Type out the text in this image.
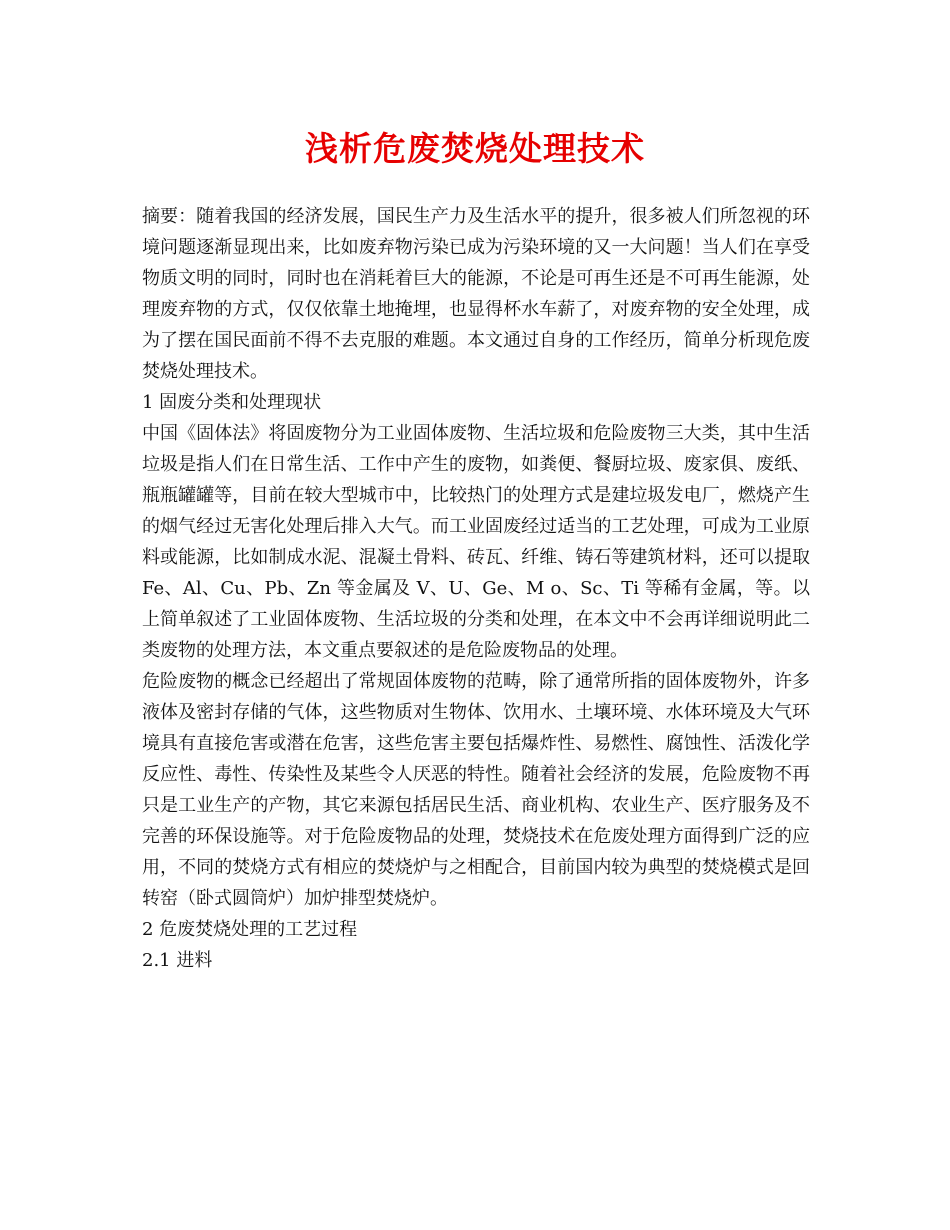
浅析危废焚烧处理技术

摘要：随着我国的经济发展，国民生产力及生活水平的提升，很多被人们所忽视的环境问题逐渐显现出来，比如废弃物污染已成为污染环境的又一大问题！当人们在享受物质文明的同时，同时也在消耗着巨大的能源，不论是可再生还是不可再生能源，处理废弃物的方式，仅仅依靠土地掩埋，也显得杯水车薪了，对废弃物的安全处理，成为了摆在国民面前不得不去克服的难题。本文通过自身的工作经历，简单分析现危废焚烧处理技术。

1 固废分类和处理现状

中国《固体法》将固废物分为工业固体废物、生活垃圾和危险废物三大类，其中生活垃圾是指人们在日常生活、工作中产生的废物，如粪便、餐厨垃圾、废家俱、废纸、瓶瓶罐罐等，目前在较大型城市中，比较热门的处理方式是建垃圾发电厂，燃烧产生的烟气经过无害化处理后排入大气。而工业固废经过适当的工艺处理，可成为工业原料或能源，比如制成水泥、混凝土骨料、砖瓦、纤维、铸石等建筑材料，还可以提取 Fe、Al、Cu、Pb、Zn 等金属及 V、U、Ge、M o、Sc、Ti 等稀有金属，等。以上简单叙述了工业固体废物、生活垃圾的分类和处理，在本文中不会再详细说明此二类废物的处理方法，本文重点要叙述的是危险废物品的处理。

危险废物的概念已经超出了常规固体废物的范畴，除了通常所指的固体废物外，许多液体及密封存储的气体，这些物质对生物体、饮用水、土壤环境、水体环境及大气环境具有直接危害或潜在危害，这些危害主要包括爆炸性、易燃性、腐蚀性、活泼化学反应性、毒性、传染性及某些令人厌恶的特性。随着社会经济的发展，危险废物不再只是工业生产的产物，其它来源包括居民生活、商业机构、农业生产、医疗服务及不完善的环保设施等。对于危险废物品的处理，焚烧技术在危废处理方面得到广泛的应用，不同的焚烧方式有相应的焚烧炉与之相配合，目前国内较为典型的焚烧模式是回转窑（卧式圆筒炉）加炉排型焚烧炉。

2 危废焚烧处理的工艺过程

2.1 进料
